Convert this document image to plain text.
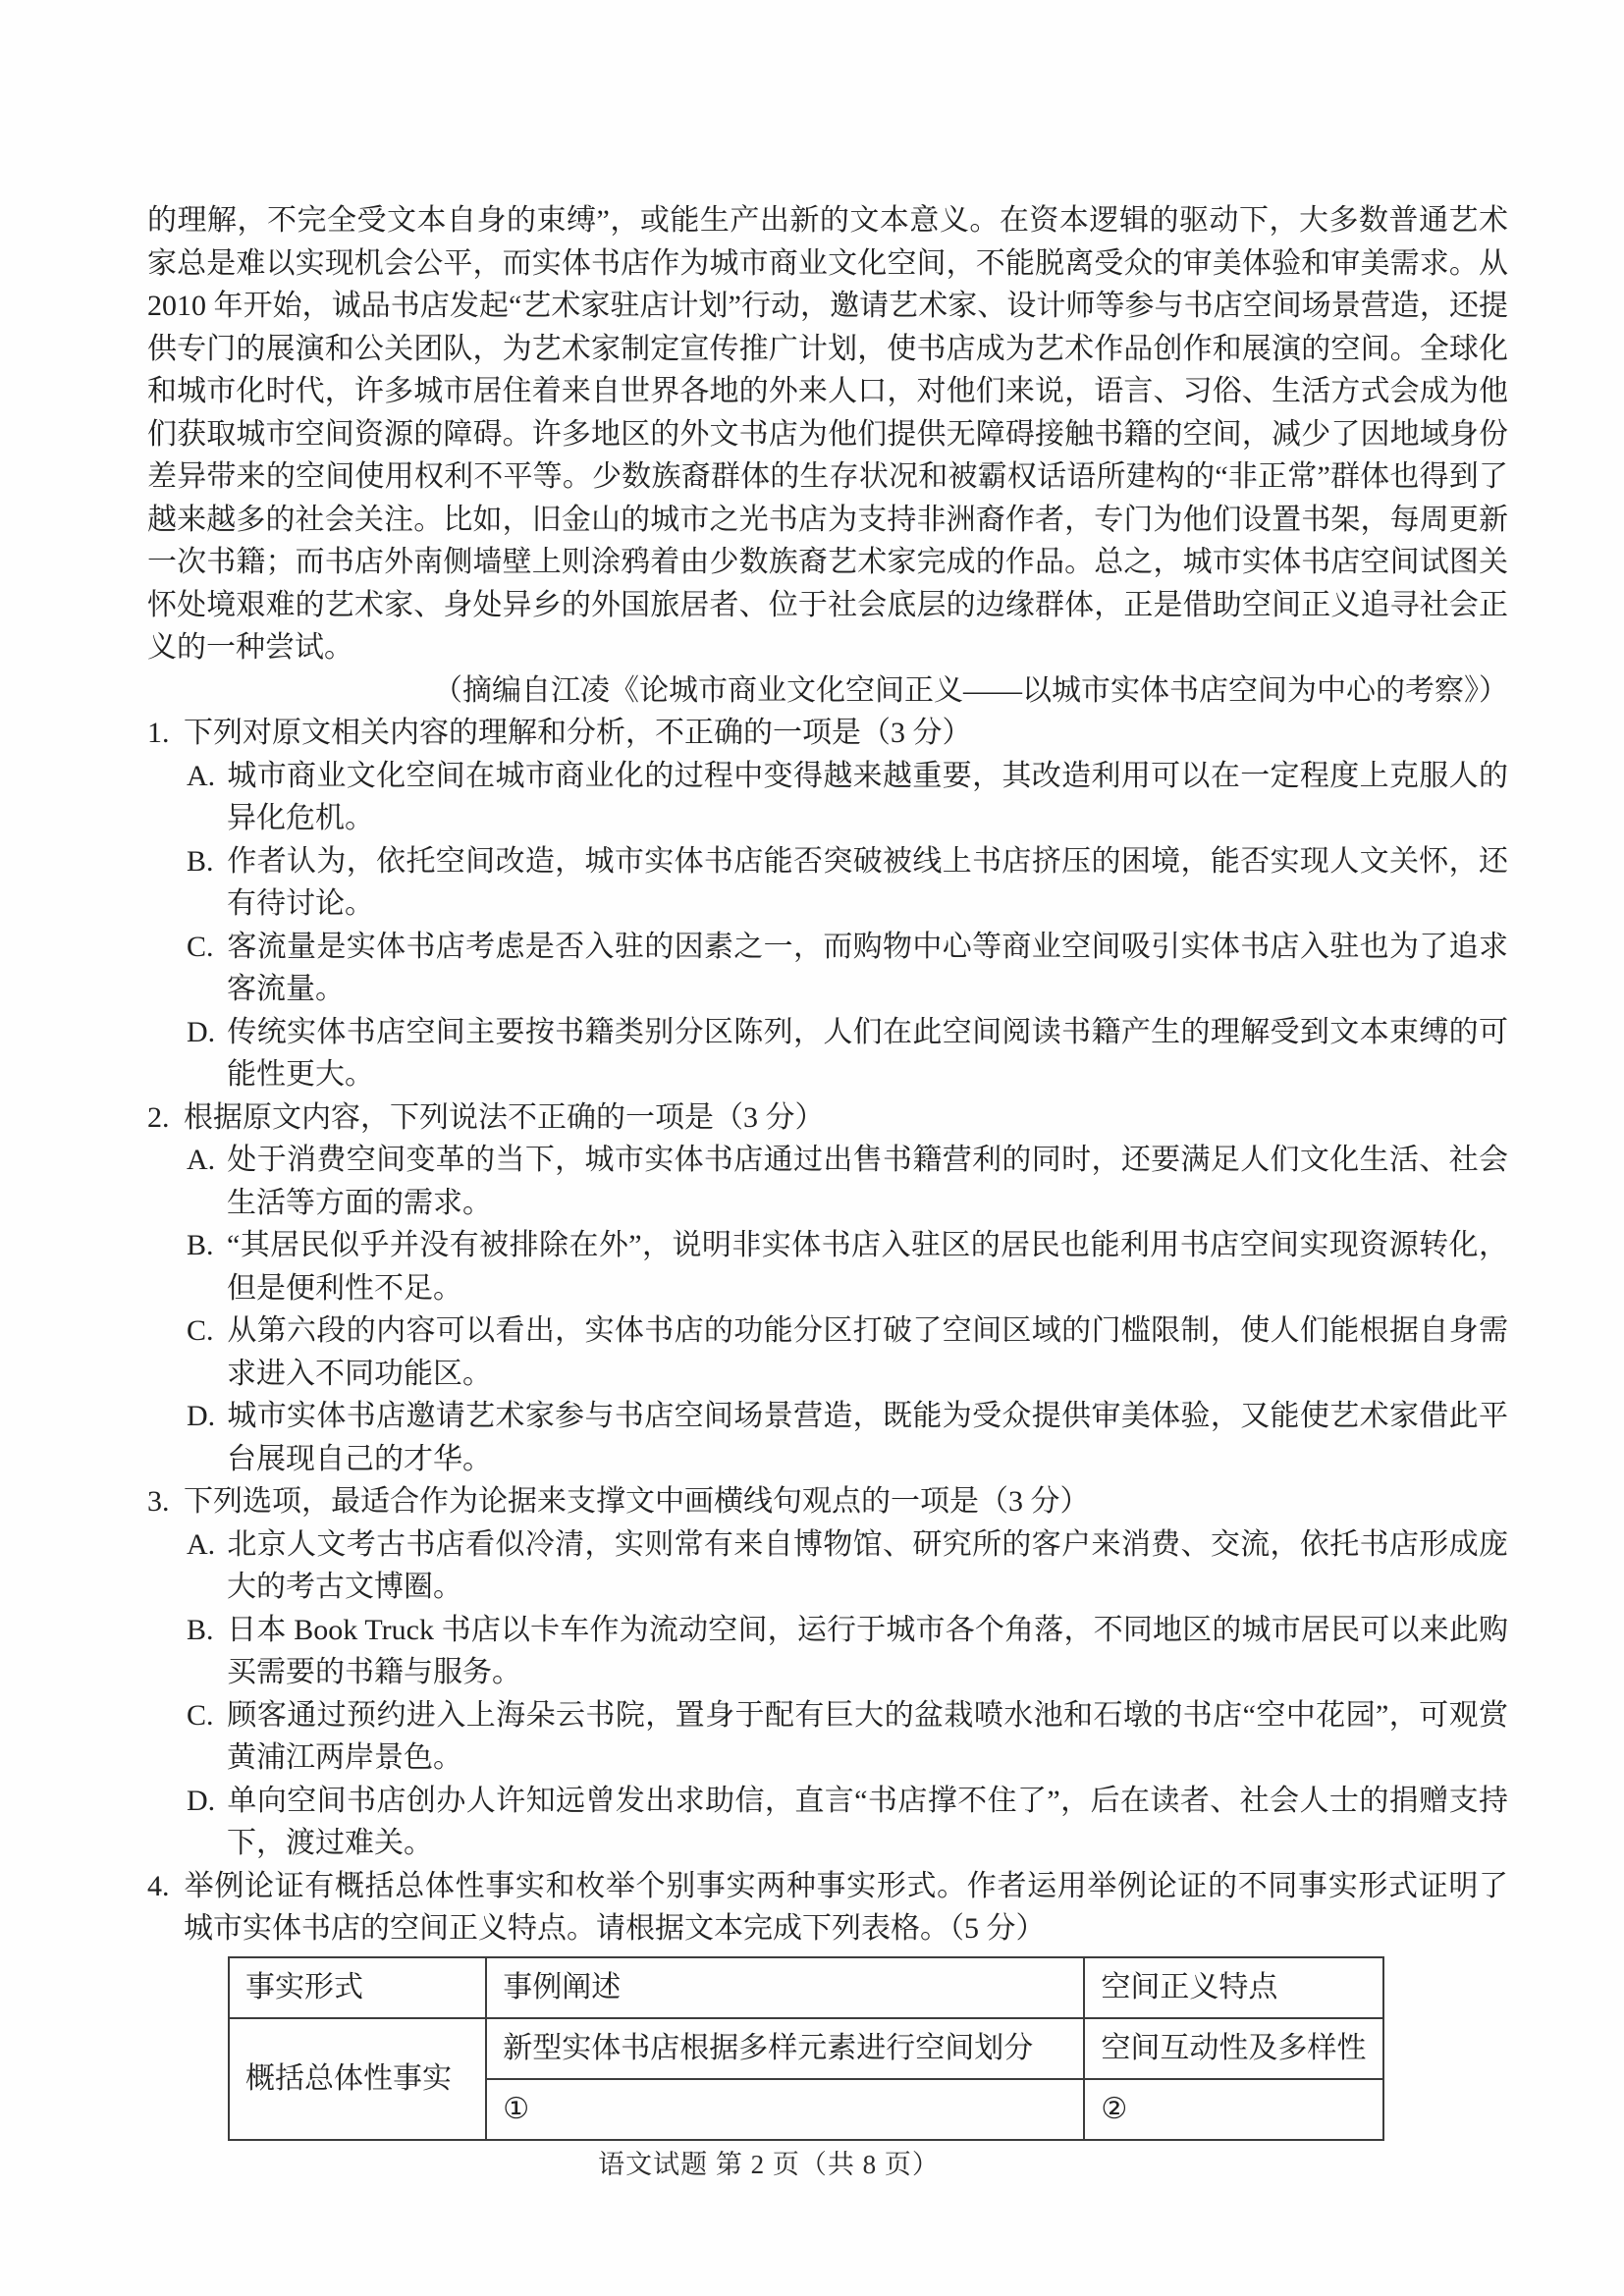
的理解，不完全受文本自身的束缚”，或能生产出新的文本意义。在资本逻辑的驱动下，大多数普通艺术家总是难以实现机会公平，而实体书店作为城市商业文化空间，不能脱离受众的审美体验和审美需求。从 2010 年开始，诚品书店发起“艺术家驻店计划”行动，邀请艺术家、设计师等参与书店空间场景营造，还提供专门的展演和公关团队，为艺术家制定宣传推广计划，使书店成为艺术作品创作和展演的空间。全球化和城市化时代，许多城市居住着来自世界各地的外来人口，对他们来说，语言、习俗、生活方式会成为他们获取城市空间资源的障碍。许多地区的外文书店为他们提供无障碍接触书籍的空间，减少了因地域身份差异带来的空间使用权利不平等。少数族裔群体的生存状况和被霸权话语所建构的“非正常”群体也得到了越来越多的社会关注。比如，旧金山的城市之光书店为支持非洲裔作者，专门为他们设置书架，每周更新一次书籍；而书店外南侧墙壁上则涂鸦着由少数族裔艺术家完成的作品。总之，城市实体书店空间试图关怀处境艰难的艺术家、身处异乡的外国旅居者、位于社会底层的边缘群体，正是借助空间正义追寻社会正义的一种尝试。

（摘编自江凌《论城市商业文化空间正义——以城市实体书店空间为中心的考察》）

1. 下列对原文相关内容的理解和分析，不正确的一项是（3 分）
A. 城市商业文化空间在城市商业化的过程中变得越来越重要，其改造利用可以在一定程度上克服人的异化危机。
B. 作者认为，依托空间改造，城市实体书店能否突破被线上书店挤压的困境，能否实现人文关怀，还有待讨论。
C. 客流量是实体书店考虑是否入驻的因素之一，而购物中心等商业空间吸引实体书店入驻也为了追求客流量。
D. 传统实体书店空间主要按书籍类别分区陈列，人们在此空间阅读书籍产生的理解受到文本束缚的可能性更大。
2. 根据原文内容，下列说法不正确的一项是（3 分）
A. 处于消费空间变革的当下，城市实体书店通过出售书籍营利的同时，还要满足人们文化生活、社会生活等方面的需求。
B. “其居民似乎并没有被排除在外”，说明非实体书店入驻区的居民也能利用书店空间实现资源转化，但是便利性不足。
C. 从第六段的内容可以看出，实体书店的功能分区打破了空间区域的门槛限制，使人们能根据自身需求进入不同功能区。
D. 城市实体书店邀请艺术家参与书店空间场景营造，既能为受众提供审美体验，又能使艺术家借此平台展现自己的才华。
3. 下列选项，最适合作为论据来支撑文中画横线句观点的一项是（3 分）
A. 北京人文考古书店看似冷清，实则常有来自博物馆、研究所的客户来消费、交流，依托书店形成庞大的考古文博圈。
B. 日本 Book Truck 书店以卡车作为流动空间，运行于城市各个角落，不同地区的城市居民可以来此购买需要的书籍与服务。
C. 顾客通过预约进入上海朵云书院，置身于配有巨大的盆栽喷水池和石墩的书店“空中花园”，可观赏黄浦江两岸景色。
D. 单向空间书店创办人许知远曾发出求助信，直言“书店撑不住了”，后在读者、社会人士的捐赠支持下，渡过难关。
4. 举例论证有概括总体性事实和枚举个别事实两种事实形式。作者运用举例论证的不同事实形式证明了城市实体书店的空间正义特点。请根据文本完成下列表格。（5 分）
事实形式	事例阐述	空间正义特点
概括总体性事实	新型实体书店根据多样元素进行空间划分	空间互动性及多样性
	①	②
语文试题 第 2 页（共 8 页）
